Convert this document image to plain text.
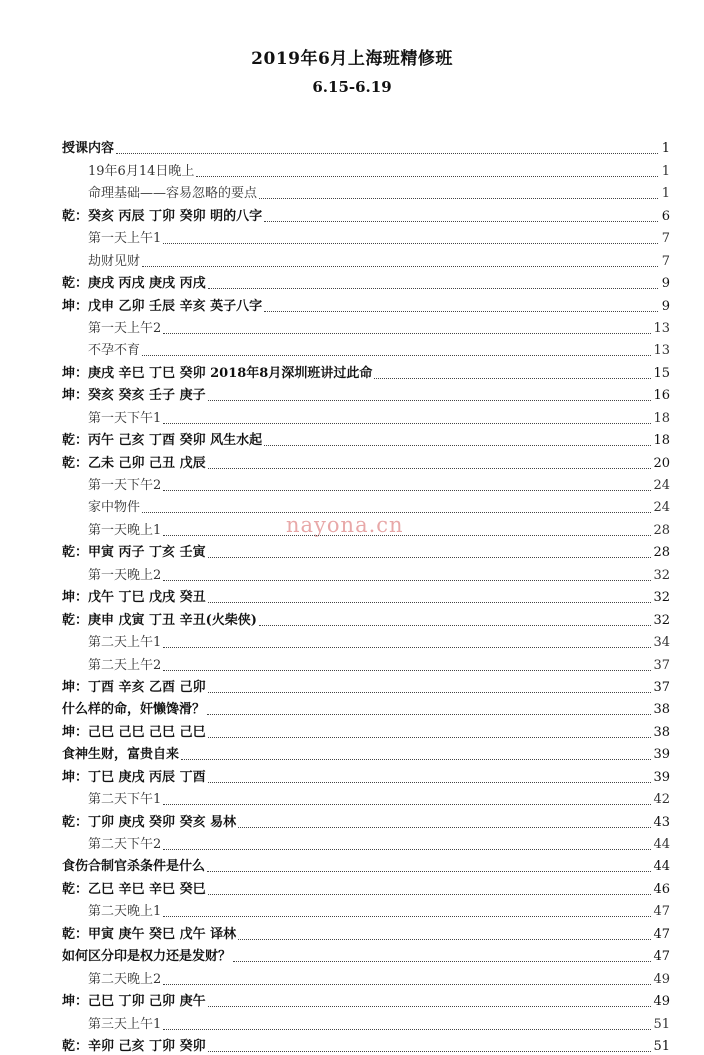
2019年6月上海班精修班
6.15-6.19
nayona.cn
授课内容	1
19年6月14日晚上	1
命理基础——容易忽略的要点	1
乾：癸亥 丙辰 丁卯 癸卯 明的八字	6
第一天上午1	7
劫财见财	7
乾：庚戌 丙戌 庚戌 丙戌	9
坤：戊申 乙卯 壬辰 辛亥 英子八字	9
第一天上午2	13
不孕不育	13
坤：庚戌 辛巳 丁巳 癸卯 2018年8月深圳班讲过此命	15
坤：癸亥 癸亥 壬子 庚子	16
第一天下午1	18
乾：丙午 己亥 丁酉 癸卯 风生水起	18
乾：乙未 己卯 己丑 戊辰	20
第一天下午2	24
家中物件	24
第一天晚上1	28
乾：甲寅 丙子 丁亥 壬寅	28
第一天晚上2	32
坤：戊午 丁巳 戊戌 癸丑	32
乾：庚申 戊寅 丁丑 辛丑(火柴侠)	32
第二天上午1	34
第二天上午2	37
坤：丁酉 辛亥 乙酉 己卯	37
什么样的命，奸懒馋滑？	38
坤：己巳 己巳 己巳 己巳	38
食神生财，富贵自来	39
坤：丁巳 庚戌 丙辰 丁酉	39
第二天下午1	42
乾：丁卯 庚戌 癸卯 癸亥 易林	43
第二天下午2	44
食伤合制官杀条件是什么	44
乾：乙巳 辛巳 辛巳 癸巳	46
第二天晚上1	47
乾：甲寅 庚午 癸巳 戊午 译林	47
如何区分印是权力还是发财？	47
第二天晚上2	49
坤：己巳 丁卯 己卯 庚午	49
第三天上午1	51
乾：辛卯 己亥 丁卯 癸卯	51
